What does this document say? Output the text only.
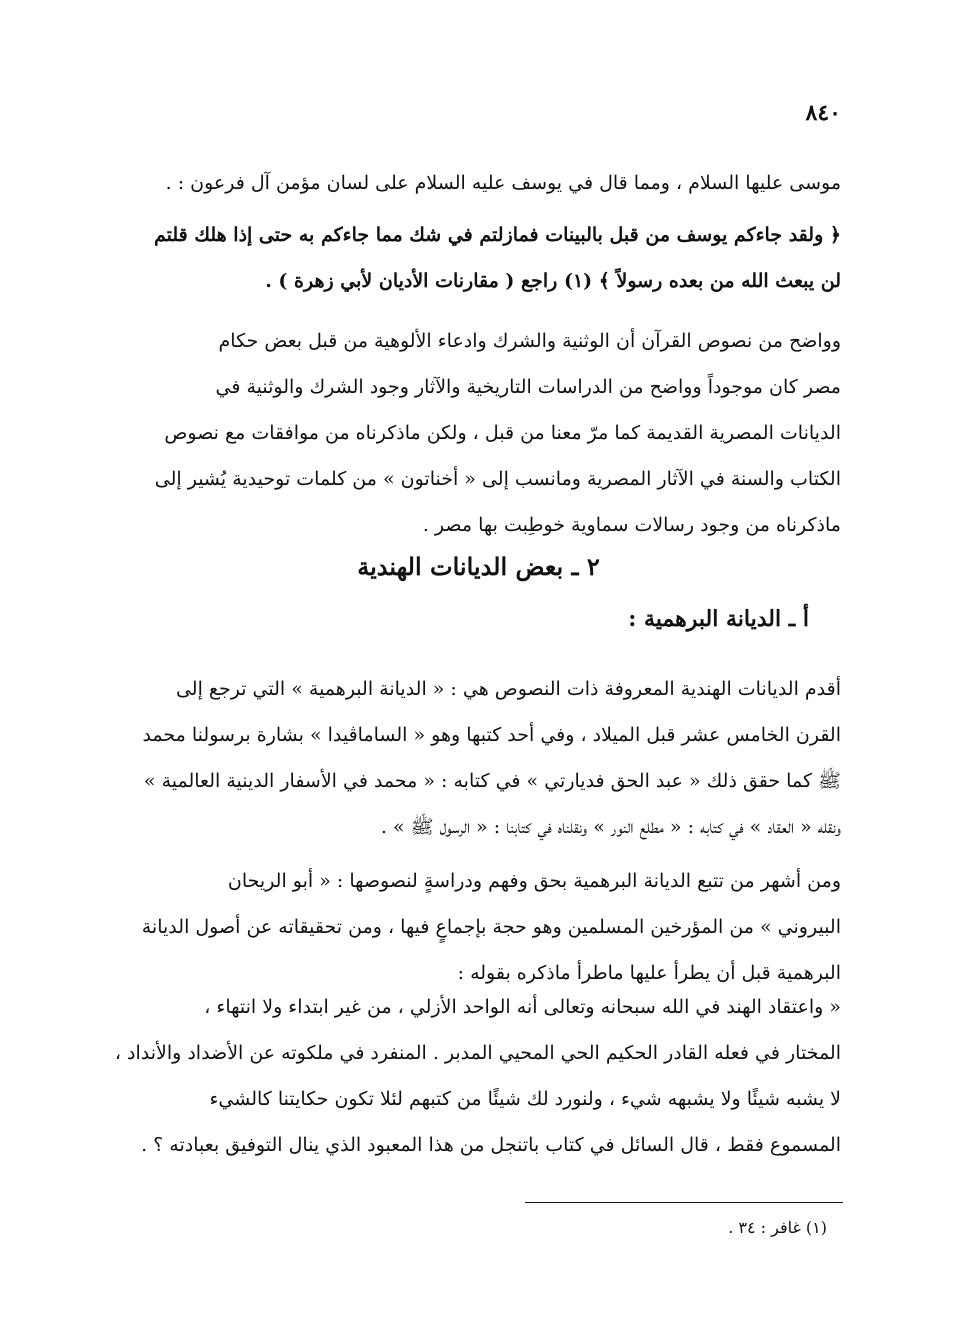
٨٤٠
موسى عليها السلام ، ومما قال في يوسف عليه السلام على لسان مؤمن آل فرعون : .
﴿ ولقد جاءكم يوسف من قبل بالبينات فمازلتم في شك مما جاءكم به حتى إذا هلك قلتم
لن يبعث الله من بعده رسولاً ﴾ (١) راجع ( مقارنات الأديان لأبي زهرة ) .
وواضح من نصوص القرآن أن الوثنية والشرك وادعاء الألوهية من قبل بعض حكام
مصر كان موجوداً وواضح من الدراسات التاريخية والآثار وجود الشرك والوثنية في
الديانات المصرية القديمة كما مرّ معنا من قبل ، ولكن ماذكرناه من موافقات مع نصوص
الكتاب والسنة في الآثار المصرية ومانسب إلى « أخناتون » من كلمات توحيدية يُشير إلى
ماذكرناه من وجود رسالات سماوية خوطِبت بها مصر .
٢ ـ بعض الديانات الهندية
أ ـ الديانة البرهمية :
أقدم الديانات الهندية المعروفة ذات النصوص هي : « الديانة البرهمية » التي ترجع إلى
القرن الخامس عشر قبل الميلاد ، وفي أحد كتبها وهو « الساماڤيدا » بشارة برسولنا محمد
ﷺ كما حقق ذلك « عبد الحق فديارتي » في كتابه : « محمد في الأسفار الدينية العالمية »
ونقله « العقاد » في كتابه : « مطلع النور » ونقلناه في كتابنا : « الرسول ﷺ » .
ومن أشهر من تتبع الديانة البرهمية بحق وفهم ودراسةٍ لنصوصها : « أبو الريحان
البيروني » من المؤرخين المسلمين وهو حجة بإجماعٍ فيها ، ومن تحقيقاته عن أصول الديانة
البرهمية قبل أن يطرأ عليها ماطرأ ماذكره بقوله :
« واعتقاد الهند في الله سبحانه وتعالى أنه الواحد الأزلي ، من غير ابتداء ولا انتهاء ،
المختار في فعله القادر الحكيم الحي المحيي المدبر . المنفرد في ملكوته عن الأضداد والأنداد ،
لا يشبه شيئًا ولا يشبهه شيء ، ولنورد لك شيئًا من كتبهم لئلا تكون حكايتنا كالشيء
المسموع فقط ، قال السائل في كتاب باتنجل من هذا المعبود الذي ينال التوفيق بعبادته ؟ .
(١) غافر : ٣٤ .
